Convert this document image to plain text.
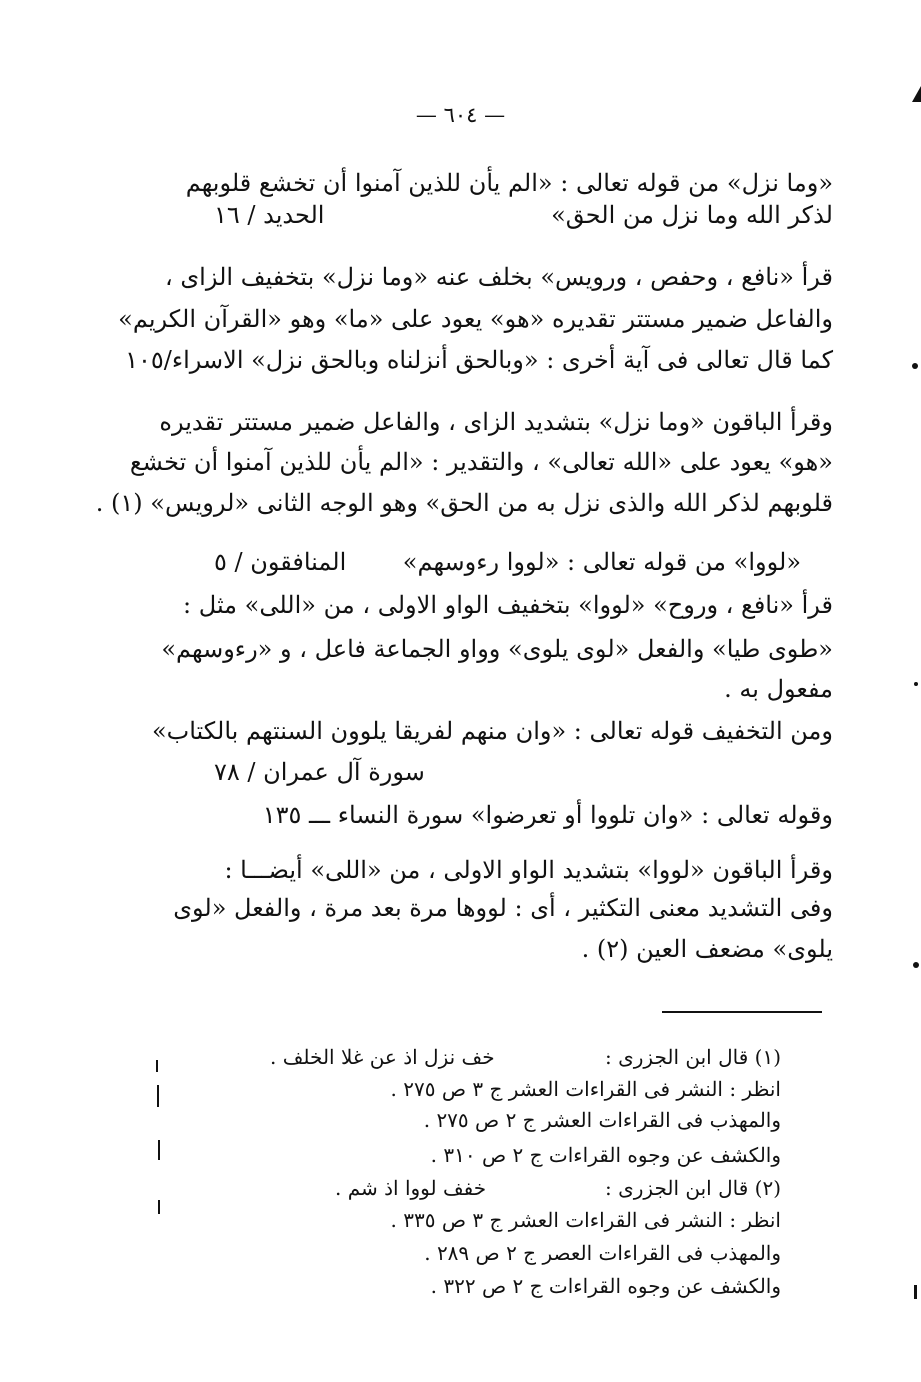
— ٦٠٤ —
«وما نزل» من قوله تعالى : «الم يأن للذين آمنوا أن تخشع قلوبهم
لذكر الله وما نزل من الحق»
الحديد / ١٦
قرأ «نافع ، وحفص ، ورويس» بخلف عنه «وما نزل» بتخفيف الزاى ،
والفاعل ضمير مستتر تقديره «هو» يعود على «ما» وهو «القرآن الكريم»
كما قال تعالى فى آية أخرى : «وبالحق أنزلناه وبالحق نزل» الاسراء/١٠٥
وقرأ الباقون «وما نزل» بتشديد الزاى ، والفاعل ضمير مستتر تقديره
«هو» يعود على «الله تعالى» ، والتقدير : «الم يأن للذين آمنوا أن تخشع
قلوبهم لذكر الله والذى نزل به من الحق» وهو الوجه الثانى «لرويس» (١) .
«لووا» من قوله تعالى : «لووا رءوسهم»
المنافقون / ٥
قرأ «نافع ، وروح» «لووا» بتخفيف الواو الاولى ، من «اللى» مثل :
«طوى طيا» والفعل «لوى يلوى» وواو الجماعة فاعل ، و «رءوسهم»
مفعول به .
ومن التخفيف قوله تعالى : «وان منهم لفريقا يلوون السنتهم بالكتاب»
سورة آل عمران / ٧٨
وقوله تعالى : «وان تلووا أو تعرضوا» سورة النساء ـــ ١٣٥
وقرأ الباقون «لووا» بتشديد الواو الاولى ، من «اللى» أيضـــا :
وفى التشديد معنى التكثير ، أى : لووها مرة بعد مرة ، والفعل «لوى
يلوى» مضعف العين (٢) .
(١) قال ابن الجزرى :
خف نزل اذ عن غلا الخلف .
انظر : النشر فى القراءات العشر ج ٣ ص ٢٧٥ .
والمهذب فى القراءات العشر ج ٢ ص ٢٧٥ .
والكشف عن وجوه القراءات ج ٢ ص ٣١٠ .
(٢) قال ابن الجزرى :
خفف لووا اذ شم .
انظر : النشر فى القراءات العشر ج ٣ ص ٣٣٥ .
والمهذب فى القراءات العصر ج ٢ ص ٢٨٩ .
والكشف عن وجوه القراءات ج ٢ ص ٣٢٢ .
